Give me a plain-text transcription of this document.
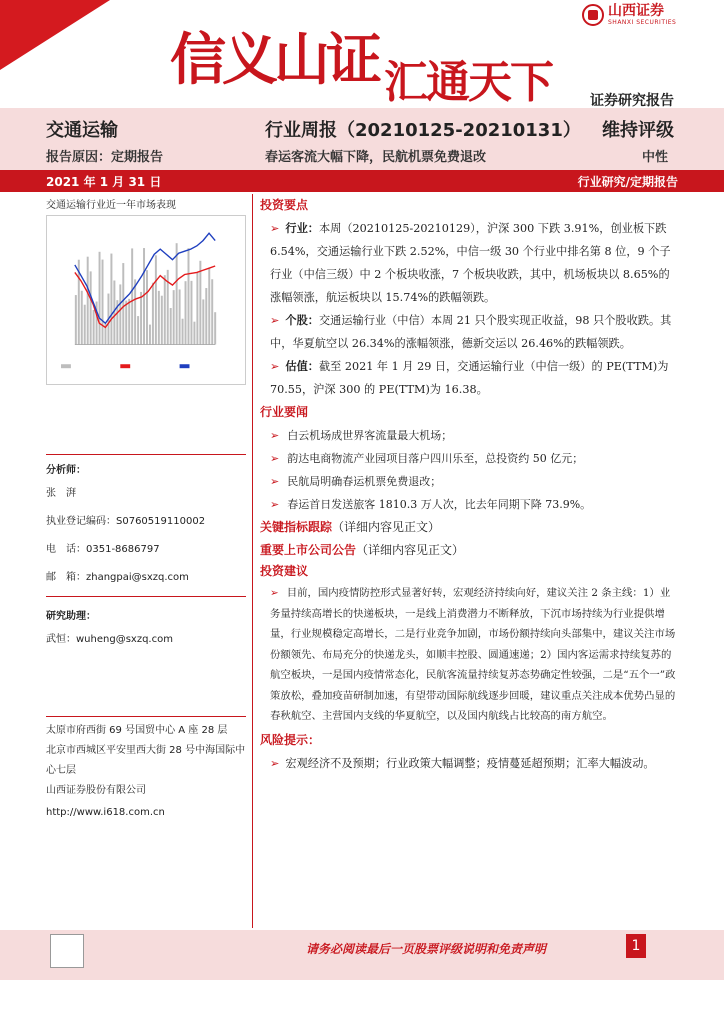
信义山证 汇通天下
山西证券
SHANXI SECURITIES
证券研究报告
交通运输	行业周报（20210125-20210131） 维持评级
报告原因：定期报告	春运客流大幅下降，民航机票免费退改	中性
2021 年 1 月 31 日	行业研究/定期报告
交通运输行业近一年市场表现
分析师：
张　湃
执业登记编码：S0760519110002
电　话：0351-8686797
邮　箱：zhangpai@sxzq.com
研究助理：
武恒：wuheng@sxzq.com
太原市府西街 69 号国贸中心 A 座 28 层
北京市西城区平安里西大街 28 号中海国际中心七层
山西证券股份有限公司
http://www.i618.com.cn
投资要点
➢ 行业：本周（20210125-20210129），沪深 300 下跌 3.91%，创业板下跌 6.54%，交通运输行业下跌 2.52%，中信一级 30 个行业中排名第 8 位，9 个子行业（中信三级）中 2 个板块收涨，7 个板块收跌，其中，机场板块以 8.65%的涨幅领涨，航运板块以 15.74%的跌幅领跌。
➢ 个股：交通运输行业（中信）本周 21 只个股实现正收益，98 只个股收跌。其中，华夏航空以 26.34%的涨幅领涨，德新交运以 26.46%的跌幅领跌。
➢ 估值：截至 2021 年 1 月 29 日，交通运输行业（中信一级）的 PE(TTM)为 70.55，沪深 300 的 PE(TTM)为 16.38。
行业要闻
➢ 白云机场成世界客流量最大机场；
➢ 韵达电商物流产业园项目落户四川乐至，总投资约 50 亿元；
➢ 民航局明确春运机票免费退改；
➢ 春运首日发送旅客 1810.3 万人次，比去年同期下降 73.9%。
关键指标跟踪（详细内容见正文）
重要上市公司公告（详细内容见正文）
投资建议
➢ 目前，国内疫情防控形式显著好转，宏观经济持续向好，建议关注 2 条主线：1）业务量持续高增长的快递板块，一是线上消费潜力不断释放，下沉市场持续为行业提供增量，行业规模稳定高增长，二是行业竞争加剧，市场份额持续向头部集中，建议关注市场份额领先、布局充分的快递龙头，如顺丰控股、圆通速递；2）国内客运需求持续复苏的航空板块，一是国内疫情常态化，民航客流量持续复苏态势确定性较强，二是“五个一”政策放松，叠加疫苗研制加速，有望带动国际航线逐步回暖，建议重点关注成本优势凸显的春秋航空、主营国内支线的华夏航空，以及国内航线占比较高的南方航空。
风险提示：
➢ 宏观经济不及预期；行业政策大幅调整；疫情蔓延超预期；汇率大幅波动。
请务必阅读最后一页股票评级说明和免责声明	1
